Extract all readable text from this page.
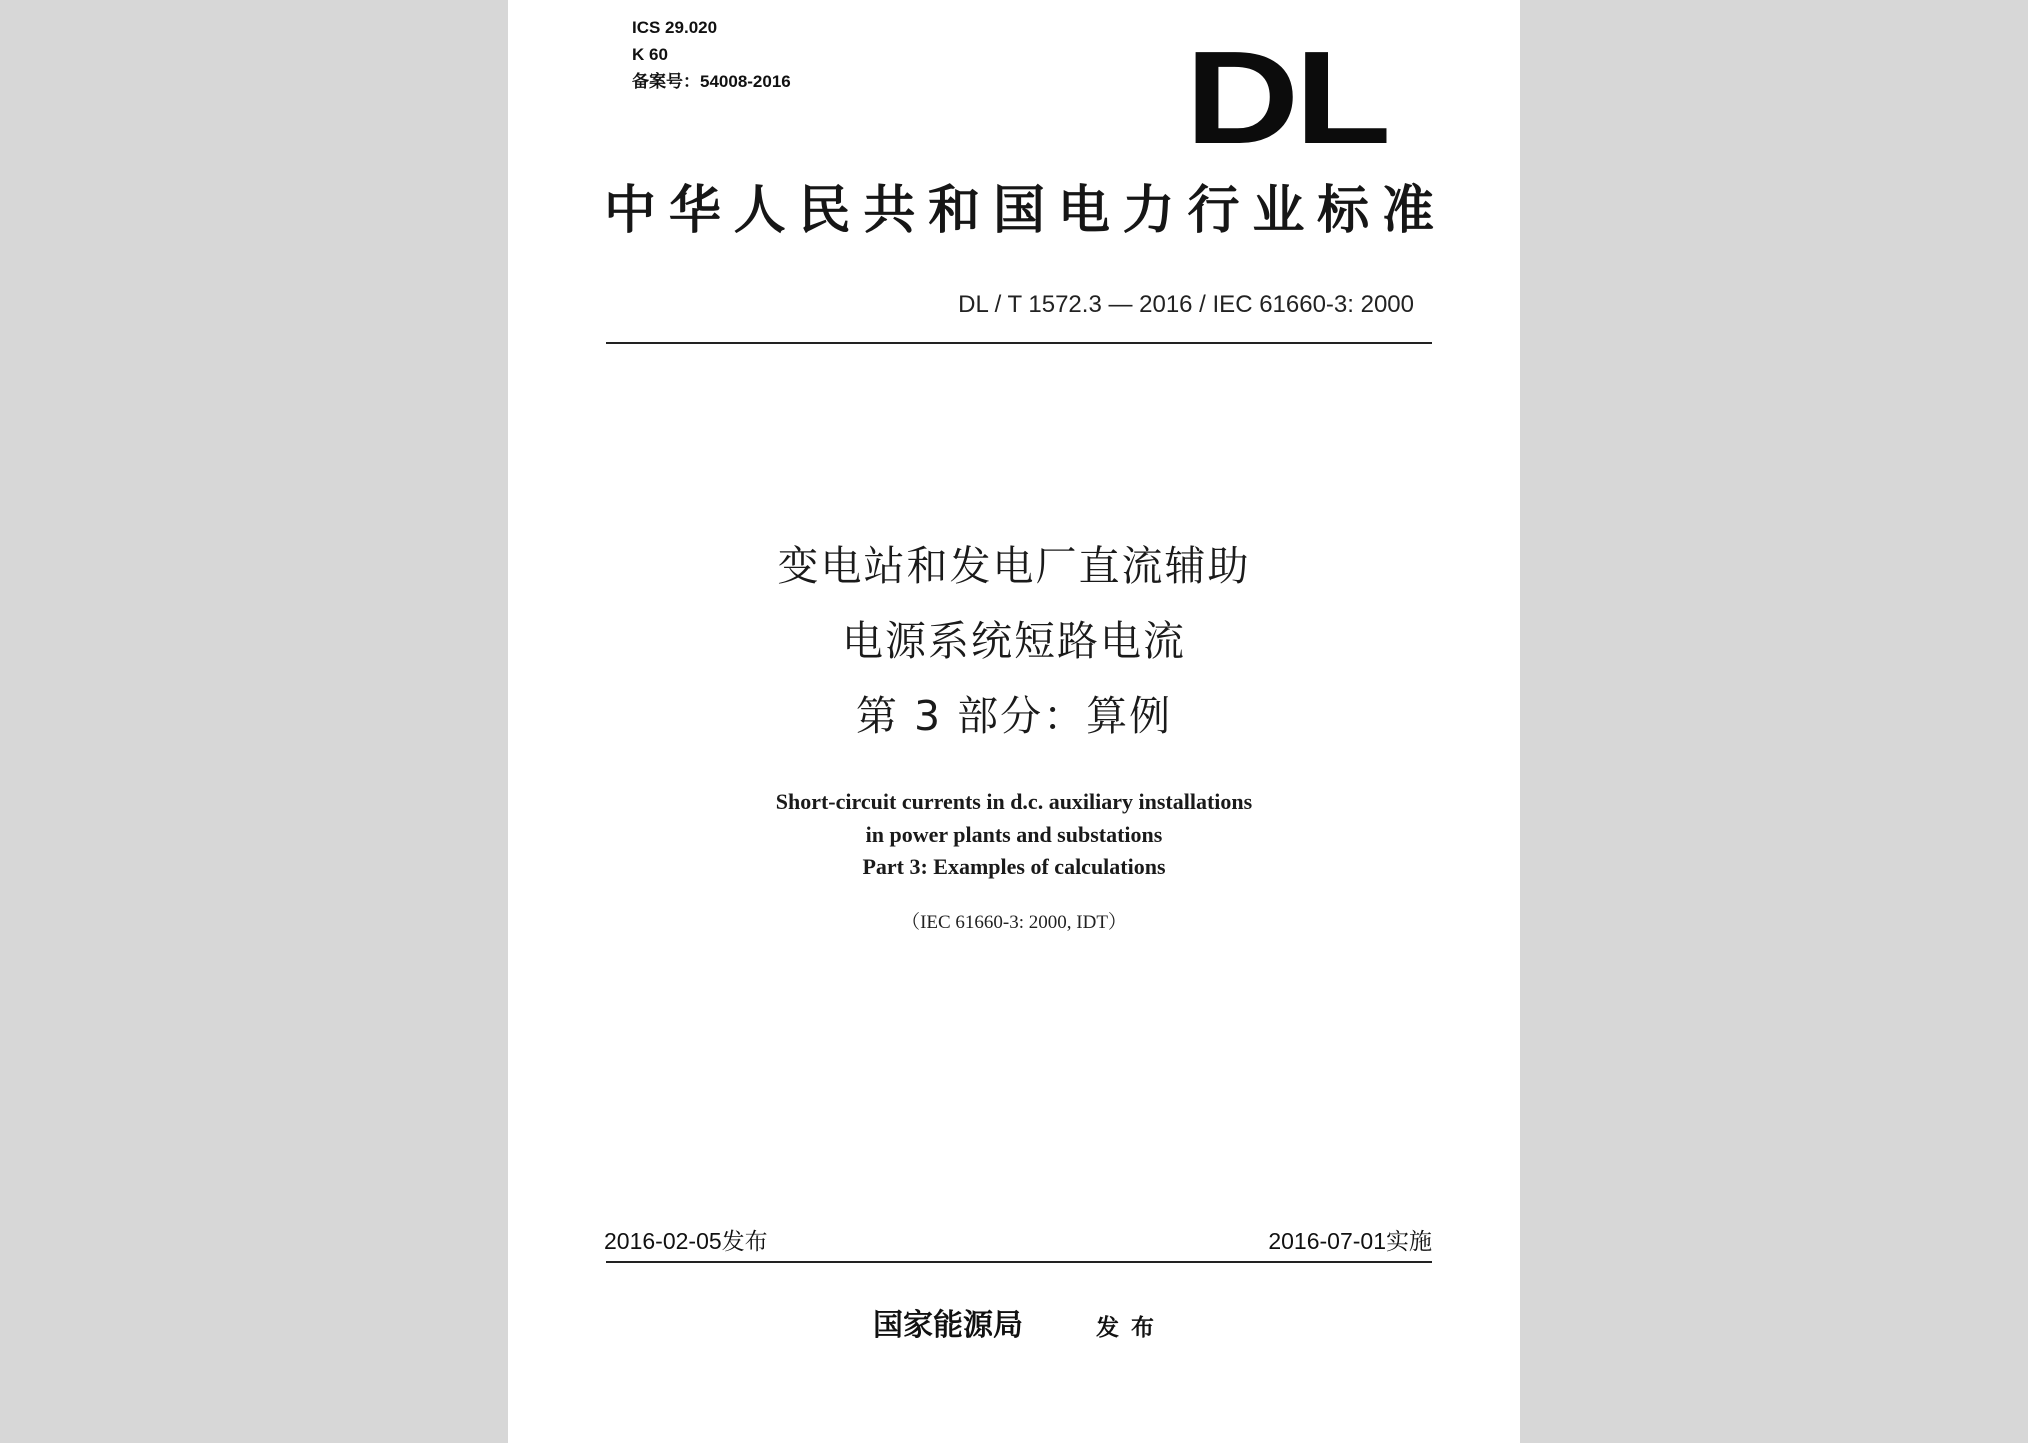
ICS 29.020
K 60
备案号：54008-2016	DL
中华人民共和国电力行业标准
DL / T 1572.3 — 2016 / IEC 61660-3: 2000
变电站和发电厂直流辅助
电源系统短路电流
第 3 部分：算例
Short-circuit currents in d.c. auxiliary installations
in power plants and substations
Part 3: Examples of calculations
（IEC 61660-3: 2000, IDT）
2016-02-05发布	2016-07-01实施
国家能源局	发布
